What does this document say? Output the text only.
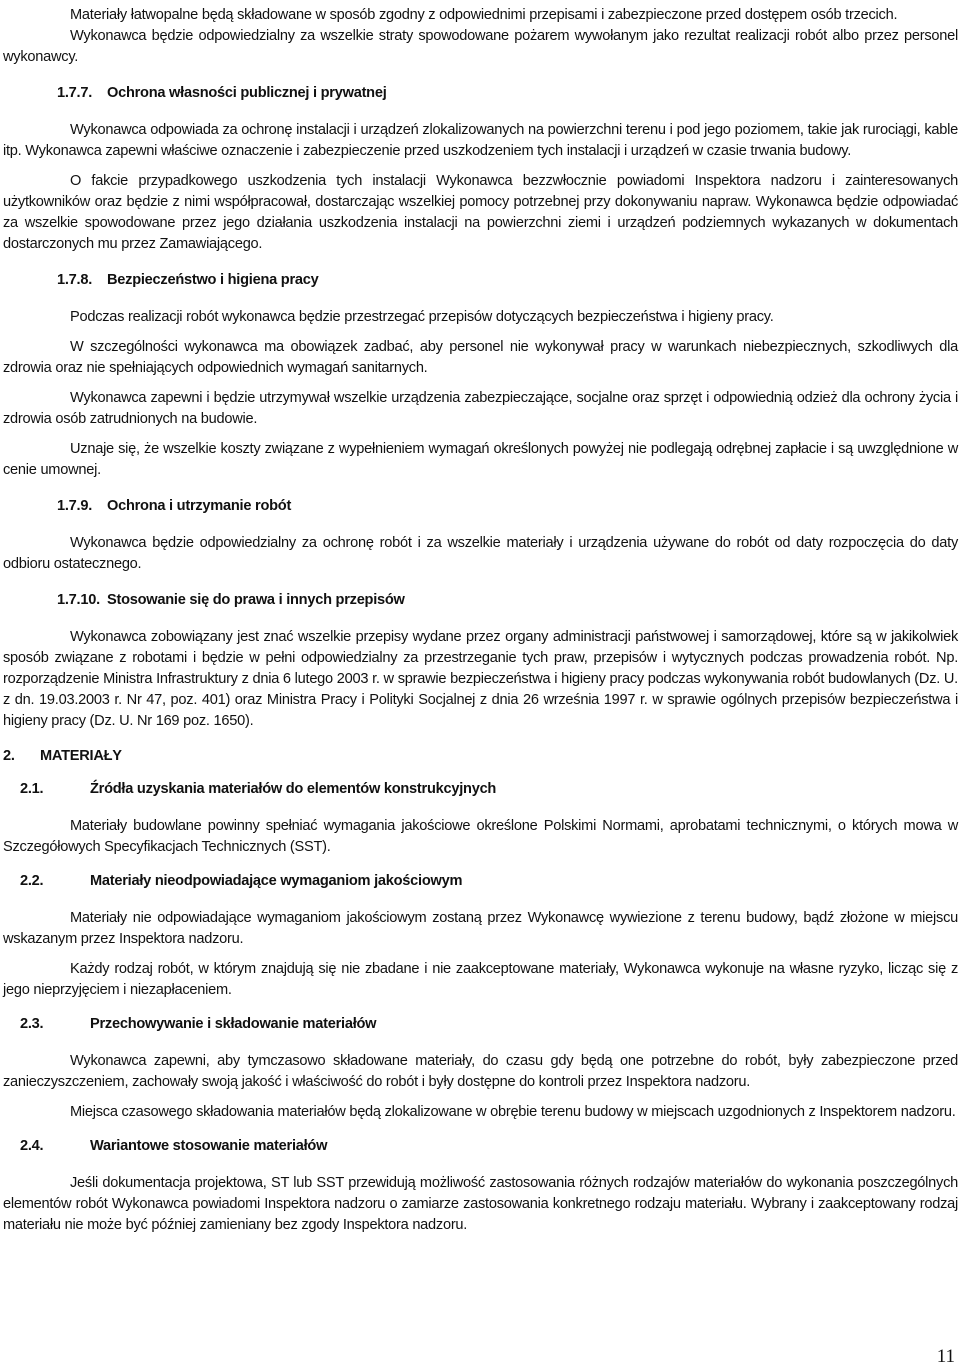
Materiały łatwopalne będą składowane w sposób zgodny z odpowiednimi przepisami i zabezpieczone przed dostępem osób trzecich.

Wykonawca będzie odpowiedzialny za wszelkie straty spowodowane pożarem wywołanym jako rezultat realizacji robót albo przez personel wykonawcy.

1.7.7.	Ochrona własności publicznej i prywatnej

Wykonawca odpowiada za ochronę instalacji i urządzeń zlokalizowanych na powierzchni terenu i pod jego poziomem, takie jak rurociągi, kable itp. Wykonawca zapewni właściwe oznaczenie i zabezpieczenie przed uszkodzeniem tych instalacji i urządzeń w czasie trwania budowy.

O fakcie przypadkowego uszkodzenia tych instalacji Wykonawca bezzwłocznie powiadomi Inspektora nadzoru i zainteresowanych użytkowników oraz będzie z nimi współpracował, dostarczając wszelkiej pomocy potrzebnej przy dokonywaniu napraw. Wykonawca będzie odpowiadać za wszelkie spowodowane przez jego działania uszkodzenia instalacji na powierzchni ziemi i urządzeń podziemnych wykazanych w dokumentach dostarczonych mu przez Zamawiającego.

1.7.8.	Bezpieczeństwo i higiena pracy

Podczas realizacji robót wykonawca będzie przestrzegać przepisów dotyczących bezpieczeństwa i higieny pracy.

W szczególności wykonawca ma obowiązek zadbać, aby personel nie wykonywał pracy w warunkach niebezpiecznych, szkodliwych dla zdrowia oraz nie spełniających odpowiednich wymagań sanitarnych.

Wykonawca zapewni i będzie utrzymywał wszelkie urządzenia zabezpieczające, socjalne oraz sprzęt i odpowiednią odzież dla ochrony życia i zdrowia osób zatrudnionych na budowie.

Uznaje się, że wszelkie koszty związane z wypełnieniem wymagań określonych powyżej nie podlegają odrębnej zapłacie i są uwzględnione w cenie umownej.

1.7.9.	Ochrona i utrzymanie robót

Wykonawca będzie odpowiedzialny za ochronę robót i za wszelkie materiały i urządzenia używane do robót od daty rozpoczęcia do daty odbioru ostatecznego.

1.7.10. Stosowanie się do prawa i innych przepisów

Wykonawca zobowiązany jest znać wszelkie przepisy wydane przez organy administracji państwowej i samorządowej, które są w jakikolwiek sposób związane z robotami i będzie w pełni odpowiedzialny za przestrzeganie tych praw, przepisów i wytycznych podczas prowadzenia robót. Np. rozporządzenie Ministra Infrastruktury z dnia 6 lutego 2003 r. w sprawie bezpieczeństwa i higieny pracy podczas wykonywania robót budowlanych (Dz. U. z dn. 19.03.2003 r. Nr 47, poz. 401) oraz Ministra Pracy i Polityki Socjalnej z dnia 26 września 1997 r. w sprawie ogólnych przepisów bezpieczeństwa i higieny pracy (Dz. U. Nr 169 poz. 1650).

2.	MATERIAŁY
2.1.	Źródła uzyskania materiałów do elementów konstrukcyjnych

Materiały budowlane powinny spełniać wymagania jakościowe określone Polskimi Normami, aprobatami technicznymi, o których mowa w Szczegółowych Specyfikacjach Technicznych (SST).

2.2.	Materiały nieodpowiadające wymaganiom jakościowym

Materiały nie odpowiadające wymaganiom jakościowym zostaną przez Wykonawcę wywiezione z terenu budowy, bądź złożone w miejscu wskazanym przez Inspektora nadzoru.

Każdy rodzaj robót, w którym znajdują się nie zbadane i nie zaakceptowane materiały, Wykonawca wykonuje na własne ryzyko, licząc się z jego nieprzyjęciem i niezapłaceniem.

2.3.	Przechowywanie i składowanie materiałów

Wykonawca zapewni, aby tymczasowo składowane materiały, do czasu gdy będą one potrzebne do robót, były zabezpieczone przed zanieczyszczeniem, zachowały swoją jakość i właściwość do robót i były dostępne do kontroli przez Inspektora nadzoru.

Miejsca czasowego składowania materiałów będą zlokalizowane w obrębie terenu budowy w miejscach uzgodnionych z Inspektorem nadzoru.

2.4.	Wariantowe stosowanie materiałów

Jeśli dokumentacja projektowa, ST lub SST przewidują możliwość zastosowania różnych rodzajów materiałów do wykonania poszczególnych elementów robót Wykonawca powiadomi Inspektora nadzoru o zamiarze zastosowania konkretnego rodzaju materiału. Wybrany i zaakceptowany rodzaj materiału nie może być później zamieniany bez zgody Inspektora nadzoru.

11
